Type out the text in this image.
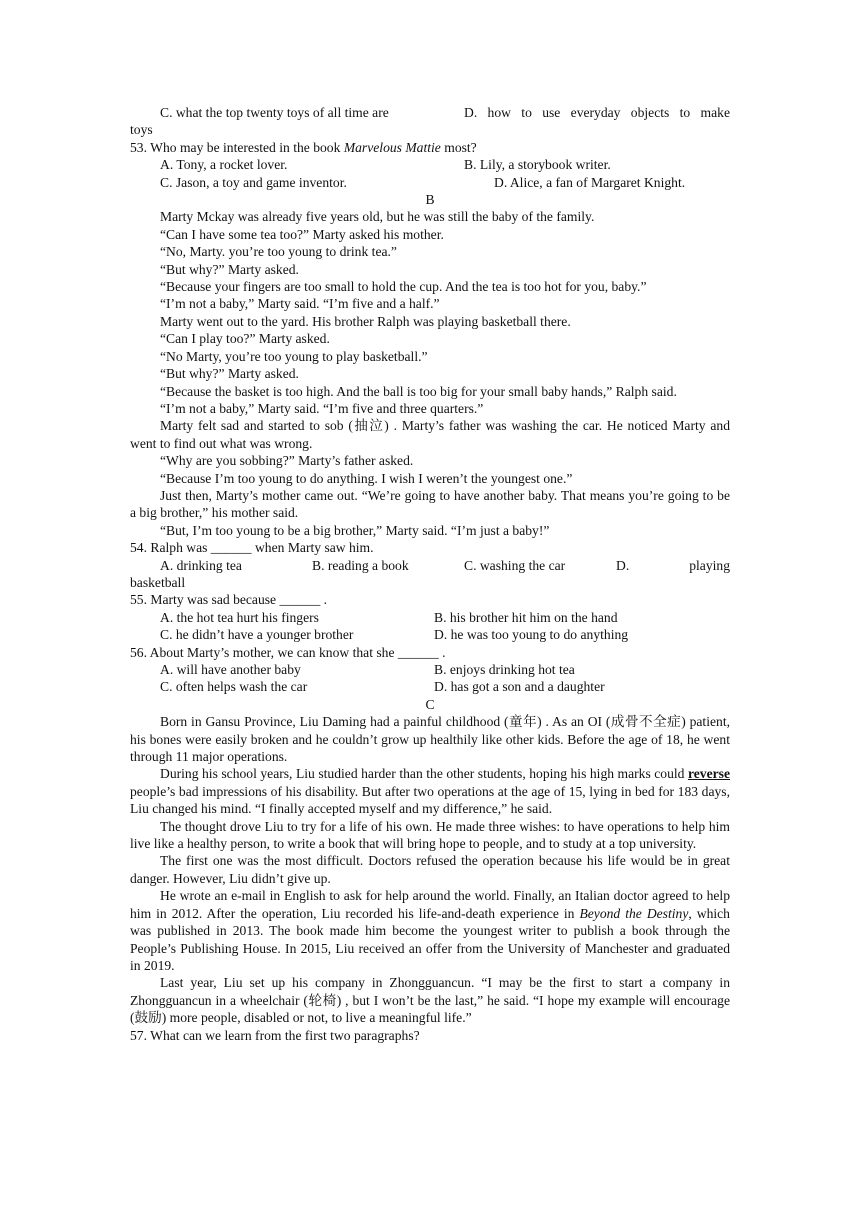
C. what the top twenty toys of all time are	D. how to use everyday objects to make
toys
53. Who may be interested in the book Marvelous Mattie most?
A. Tony, a rocket lover.	B. Lily, a storybook writer.
C. Jason, a toy and game inventor.	D. Alice, a fan of Margaret Knight.
B
Marty Mckay was already five years old, but he was still the baby of the family.
“Can I have some tea too?” Marty asked his mother.
“No, Marty. you’re too young to drink tea.”
“But why?” Marty asked.
“Because your fingers are too small to hold the cup. And the tea is too hot for you, baby.”
“I’m not a baby,” Marty said. “I’m five and a half.”
Marty went out to the yard. His brother Ralph was playing basketball there.
“Can I play too?” Marty asked.
“No Marty, you’re too young to play basketball.”
“But why?” Marty asked.

“Because the basket is too high. And the ball is too big for your small baby hands,” Ralph said.

“I’m not a baby,” Marty said. “I’m five and three quarters.”

Marty felt sad and started to sob (抽泣) . Marty’s father was washing the car. He noticed Marty and went to find out what was wrong.

“Why are you sobbing?” Marty’s father asked.
“Because I’m too young to do anything. I wish I weren’t the youngest one.”

Just then, Marty’s mother came out. “We’re going to have another baby. That means you’re going to be a big brother,” his mother said.

“But, I’m too young to be a big brother,” Marty said. “I’m just a baby!”
54. Ralph was ______ when Marty saw him.
A. drinking tea	B. reading a book	C. washing the car	D.	playing
basketball
55. Marty was sad because ______ .
A. the hot tea hurt his fingers	B. his brother hit him on the hand
C. he didn’t have a younger brother	D. he was too young to do anything
56. About Marty’s mother, we can know that she ______ .
A. will have another baby	B. enjoys drinking hot tea
C. often helps wash the car	D. has got a son and a daughter
C

Born in Gansu Province, Liu Daming had a painful childhood (童年) . As an OI (成骨不全症) patient, his bones were easily broken and he couldn’t grow up healthily like other kids. Before the age of 18, he went through 11 major operations.

During his school years, Liu studied harder than the other students, hoping his high marks could reverse people’s bad impressions of his disability. But after two operations at the age of 15, lying in bed for 183 days, Liu changed his mind. “I finally accepted myself and my difference,” he said.

The thought drove Liu to try for a life of his own. He made three wishes: to have operations to help him live like a healthy person, to write a book that will bring hope to people, and to study at a top university.

The first one was the most difficult. Doctors refused the operation because his life would be in great danger. However, Liu didn’t give up.

He wrote an e-mail in English to ask for help around the world. Finally, an Italian doctor agreed to help him in 2012. After the operation, Liu recorded his life-and-death experience in Beyond the Destiny, which was published in 2013. The book made him become the youngest writer to publish a book through the People’s Publishing House. In 2015, Liu received an offer from the University of Manchester and graduated in 2019.

Last year, Liu set up his company in Zhongguancun. “I may be the first to start a company in Zhongguancun in a wheelchair (轮椅) , but I won’t be the last,” he said. “I hope my example will encourage (鼓励) more people, disabled or not, to live a meaningful life.”

57. What can we learn from the first two paragraphs?
